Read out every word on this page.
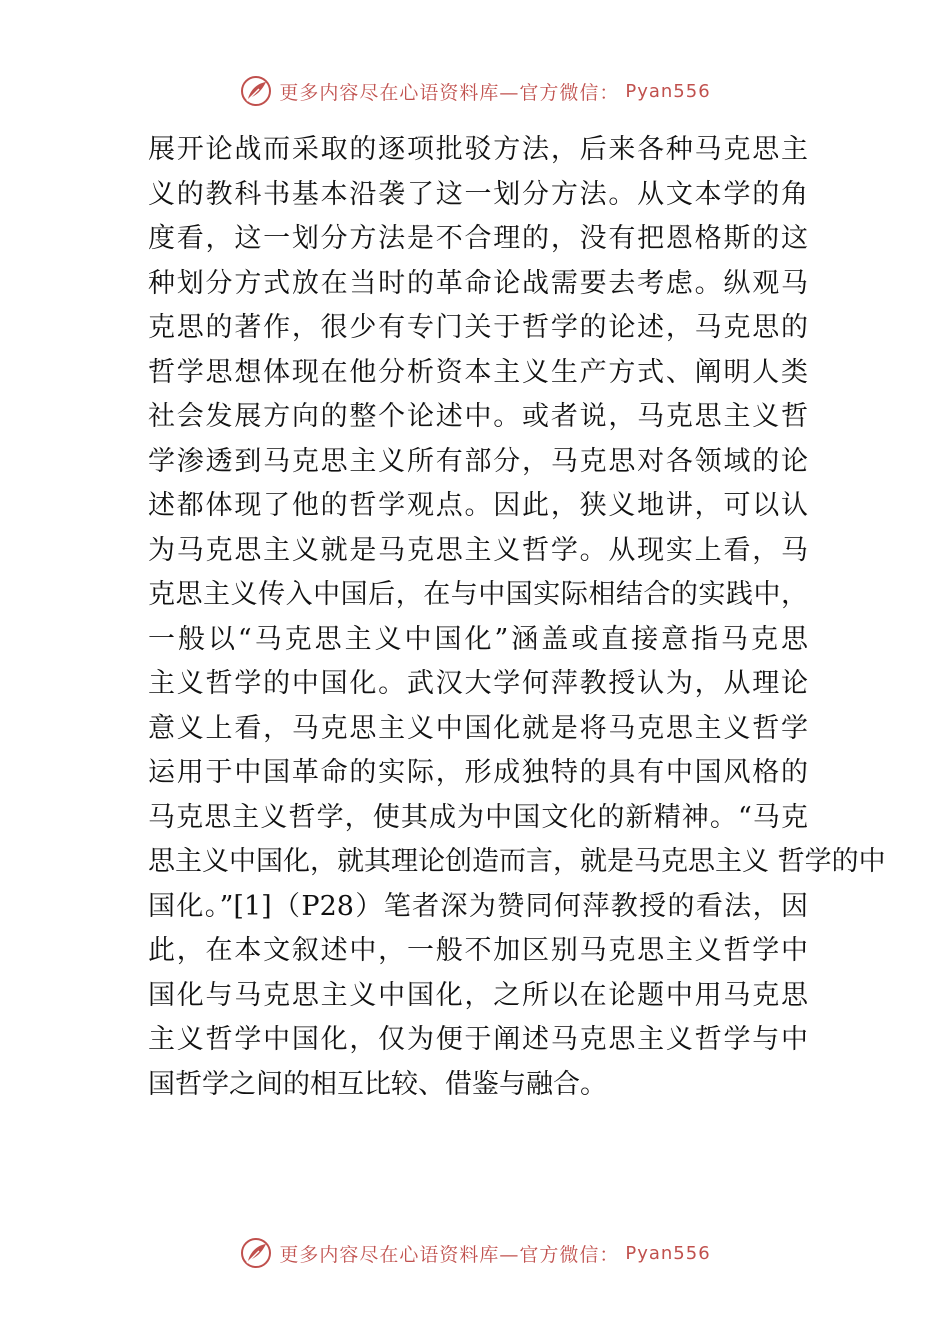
更多内容尽在心语资料库—官方微信： Pyan556
展开论战而采取的逐项批驳方法，后来各种马克思主
义的教科书基本沿袭了这一划分方法。从文本学的角
度看，这一划分方法是不合理的，没有把恩格斯的这
种划分方式放在当时的革命论战需要去考虑。纵观马
克思的著作，很少有专门关于哲学的论述，马克思的
哲学思想体现在他分析资本主义生产方式、阐明人类
社会发展方向的整个论述中。或者说，马克思主义哲
学渗透到马克思主义所有部分，马克思对各领域的论
述都体现了他的哲学观点。因此，狭义地讲，可以认
为马克思主义就是马克思主义哲学。从现实上看，马
克思主义传入中国后，在与中国实际相结合的实践中，
一般以“马克思主义中国化”涵盖或直接意指马克思
主义哲学的中国化。武汉大学何萍教授认为，从理论
意义上看，马克思主义中国化就是将马克思主义哲学
运用于中国革命的实际，形成独特的具有中国风格的
马克思主义哲学，使其成为中国文化的新精神。“马克
思主义中国化，就其理论创造而言，就是马克思主义 哲学的中
国化。”[1]（P28）笔者深为赞同何萍教授的看法，因
此，在本文叙述中，一般不加区别马克思主义哲学中
国化与马克思主义中国化，之所以在论题中用马克思
主义哲学中国化，仅为便于阐述马克思主义哲学与中
国哲学之间的相互比较、借鉴与融合。
更多内容尽在心语资料库—官方微信： Pyan556
